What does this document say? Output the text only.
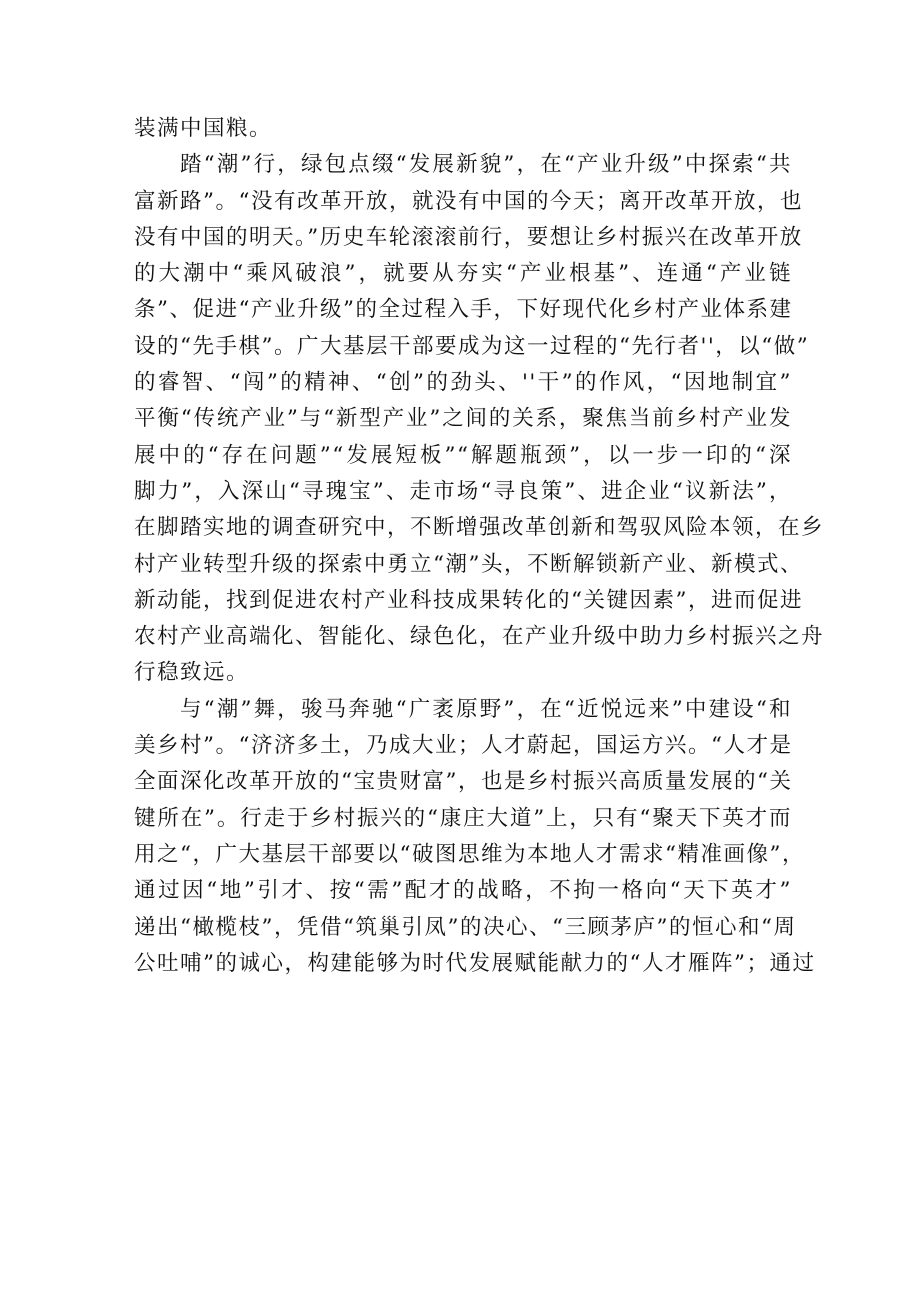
装满中国粮。
踏“潮”行，绿包点缀“发展新貌”，在“产业升级”中探索“共
富新路”。“没有改革开放，就没有中国的今天；离开改革开放，也
没有中国的明天。”历史车轮滚滚前行，要想让乡村振兴在改革开放
的大潮中“乘风破浪”，就要从夯实“产业根基”、连通“产业链
条”、促进“产业升级”的全过程入手，下好现代化乡村产业体系建
设的“先手棋”。广大基层干部要成为这一过程的“先行者''，以“做”
的睿智、“闯”的精神、“创”的劲头、''干”的作风，“因地制宜”
平衡“传统产业”与“新型产业”之间的关系，聚焦当前乡村产业发
展中的“存在问题”“发展短板”“解题瓶颈”，以一步一印的“深
脚力”，入深山“寻瑰宝”、走市场“寻良策”、进企业“议新法”，
在脚踏实地的调查研究中，不断增强改革创新和驾驭风险本领，在乡
村产业转型升级的探索中勇立“潮”头，不断解锁新产业、新模式、
新动能，找到促进农村产业科技成果转化的“关键因素”，进而促进
农村产业高端化、智能化、绿色化，在产业升级中助力乡村振兴之舟
行稳致远。
与“潮”舞，骏马奔驰“广袤原野”，在“近悦远来”中建设“和
美乡村”。“济济多土，乃成大业；人才蔚起，国运方兴。“人才是
全面深化改革开放的“宝贵财富”，也是乡村振兴高质量发展的“关
键所在”。行走于乡村振兴的“康庄大道”上，只有“聚天下英才而
用之“，广大基层干部要以“破图思维为本地人才需求“精准画像”，
通过因“地”引才、按“需”配才的战略，不拘一格向“天下英才”
递出“橄榄枝”，凭借“筑巢引凤”的决心、“三顾茅庐”的恒心和“周
公吐哺”的诚心，构建能够为时代发展赋能献力的“人才雁阵”；通过
